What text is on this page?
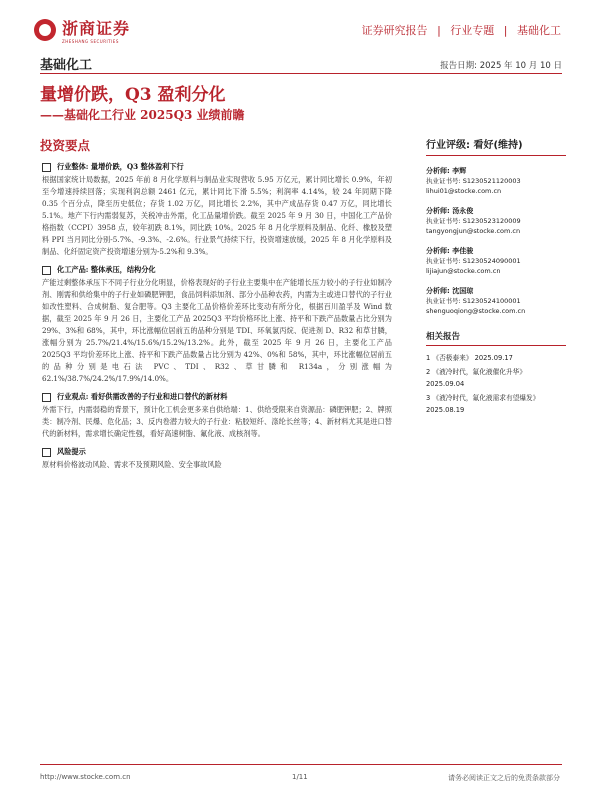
浙商证券
ZHESHANG SECURITIES
证券研究报告 | 行业专题 | 基础化工
基础化工	报告日期: 2025 年 10 月 10 日
量增价跌，Q3 盈利分化
——基础化工行业 2025Q3 业绩前瞻
投资要点
行业整体: 量增价跌，Q3 整体盈利下行

根据国家统计局数据，2025 年前 8 月化学原料与制品业实现营收 5.95 万亿元，累计同比增长 0.9%，年初至今增速持续回落；实现利润总额 2461 亿元，累计同比下滑 5.5%；利润率 4.14%，较 24 年同期下降 0.35 个百分点，降至历史低位；存货 1.02 万亿，同比增长 2.2%，其中产成品存货 0.47 万亿，同比增长 5.1%。地产下行内需弱复苏，关税冲击外需，化工品量增价跌。截至 2025 年 9 月 30 日，中国化工产品价格指数（CCPI）3958 点，较年初跌 8.1%，同比跌 10%。2025 年 8 月化学原料及制品、化纤、橡胶及塑料 PPI 当月同比分别-5.7%、-9.3%、-2.6%。行业景气持续下行，投资增速放缓，2025 年 8 月化学原料及制品、化纤固定资产投资增速分别为-5.2%和 9.3%。

化工产品: 整体承压，结构分化

产能过剩整体承压下不同子行业分化明显，价格表现好的子行业主要集中在产能增长压力较小的子行业如制冷剂、刚需和供给集中的子行业如磷肥钾肥，食品饲料添加剂、部分小品种农药，内需为主或进口替代的子行业如改性塑料、合成树脂、复合肥等。Q3 主要化工品价格价差环比变动有所分化，根据百川盈孚及 Wind 数据，截至 2025 年 9 月 26 日，主要化工产品 2025Q3 平均价格环比上涨、持平和下跌产品数量占比分别为 29%、3%和 68%，其中，环比涨幅位居前五的品种分别是 TDI、环氧氯丙烷、促进剂 D、R32 和草甘膦，涨幅分别为 25.7%/21.4%/15.6%/15.2%/13.2%。此外，截至 2025 年 9 月 26 日，主要化工产品 2025Q3 平均价差环比上涨、持平和下跌产品数量占比分别为 42%、0%和 58%，其中，环比涨幅位居前五的品种分别是电石法 PVC、TDI、R32、草甘膦和 R134a，分别涨幅为 62.1%/38.7%/24.2%/17.9%/14.0%。

行业观点: 看好供需改善的子行业和进口替代的新材料

外需下行，内需弱稳的背景下，预计化工机会更多来自供给端：1、供给受限来自资源品：磷肥钾肥；2、牌照类：制冷剂、民爆、危化品；3、反内卷潜力较大的子行业：粘胶短纤、涤纶长丝等；4、新材料尤其是进口替代的新材料，需求增长确定性强，看好高速树脂、氟化液、成核剂等。

风险提示

原材料价格波动风险、需求不及预期风险、安全事故风险

行业评级: 看好(维持)
分析师: 李辉
执业证书号: S1230521120003
lihui01@stocke.com.cn
分析师: 汤永俊
执业证书号: S1230523120009
tangyongjun@stocke.com.cn
分析师: 李佳骏
执业证书号: S1230524090001
lijiajun@stocke.com.cn
分析师: 沈国琼
执业证书号: S1230524100001
shenguoqiong@stocke.com.cn
相关报告
1 《否极泰来》 2025.09.17
2 《液冷时代，氟化液催化升华》 2025.09.04
3 《液冷时代，氟化液需求有望爆发》 2025.08.19
http://www.stocke.com.cn	1/11	请务必阅读正文之后的免责条款部分
